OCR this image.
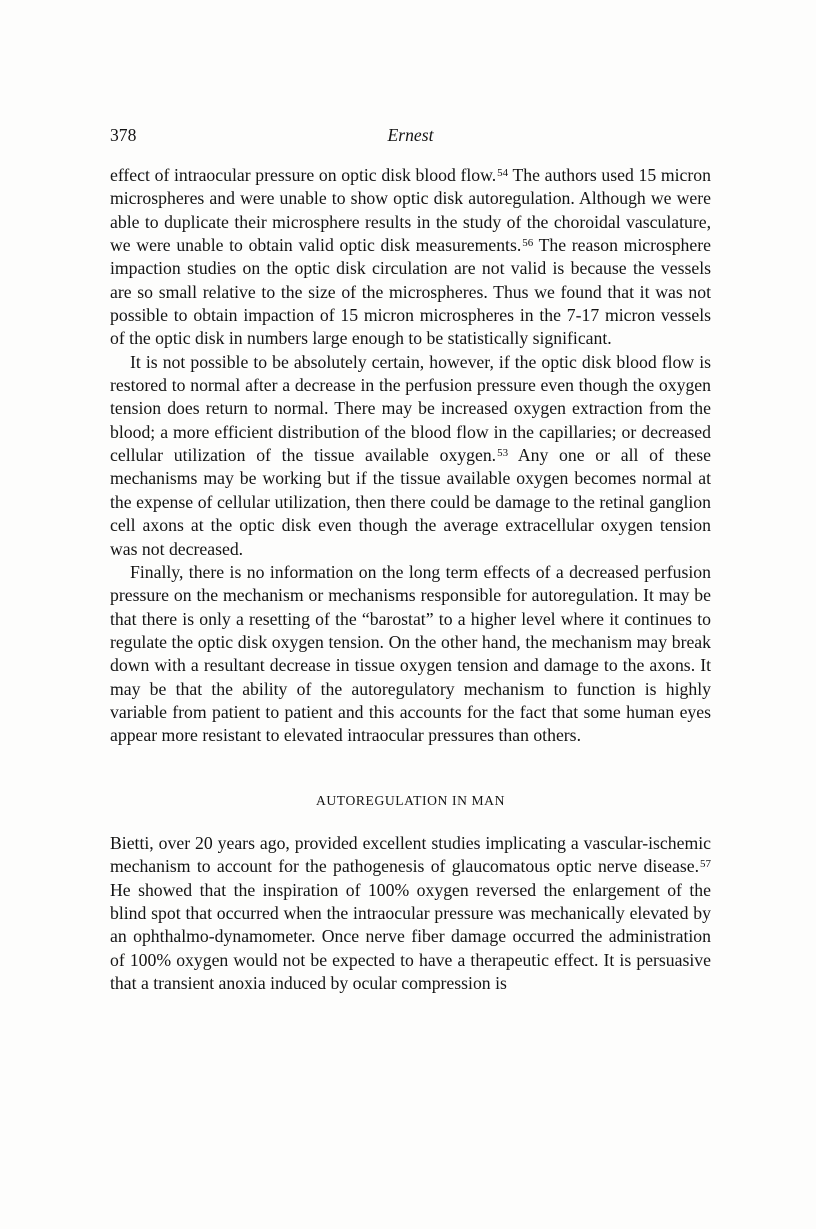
378	Ernest

effect of intraocular pressure on optic disk blood flow.$^{54}$ The authors used 15 micron microspheres and were unable to show optic disk autoregulation. Although we were able to duplicate their microsphere results in the study of the choroidal vasculature, we were unable to obtain valid optic disk measurements.$^{56}$ The reason microsphere impaction studies on the optic disk circulation are not valid is because the vessels are so small relative to the size of the microspheres. Thus we found that it was not possible to obtain impaction of 15 micron microspheres in the 7-17 micron vessels of the optic disk in numbers large enough to be statistically significant.

It is not possible to be absolutely certain, however, if the optic disk blood flow is restored to normal after a decrease in the perfusion pressure even though the oxygen tension does return to normal. There may be increased oxygen extraction from the blood; a more efficient distribution of the blood flow in the capillaries; or decreased cellular utilization of the tissue available oxygen.$^{53}$ Any one or all of these mechanisms may be working but if the tissue available oxygen becomes normal at the expense of cellular utilization, then there could be damage to the retinal ganglion cell axons at the optic disk even though the average extracellular oxygen tension was not decreased.

Finally, there is no information on the long term effects of a decreased perfusion pressure on the mechanism or mechanisms responsible for autoregulation. It may be that there is only a resetting of the “barostat” to a higher level where it continues to regulate the optic disk oxygen tension. On the other hand, the mechanism may break down with a resultant decrease in tissue oxygen tension and damage to the axons. It may be that the ability of the autoregulatory mechanism to function is highly variable from patient to patient and this accounts for the fact that some human eyes appear more resistant to elevated intraocular pressures than others.

AUTOREGULATION IN MAN

Bietti, over 20 years ago, provided excellent studies implicating a vascular-ischemic mechanism to account for the pathogenesis of glaucomatous optic nerve disease.$^{57}$ He showed that the inspiration of 100% oxygen reversed the enlargement of the blind spot that occurred when the intraocular pressure was mechanically elevated by an ophthalmo-dynamometer. Once nerve fiber damage occurred the administration of 100% oxygen would not be expected to have a therapeutic effect. It is persuasive that a transient anoxia induced by ocular compression is
